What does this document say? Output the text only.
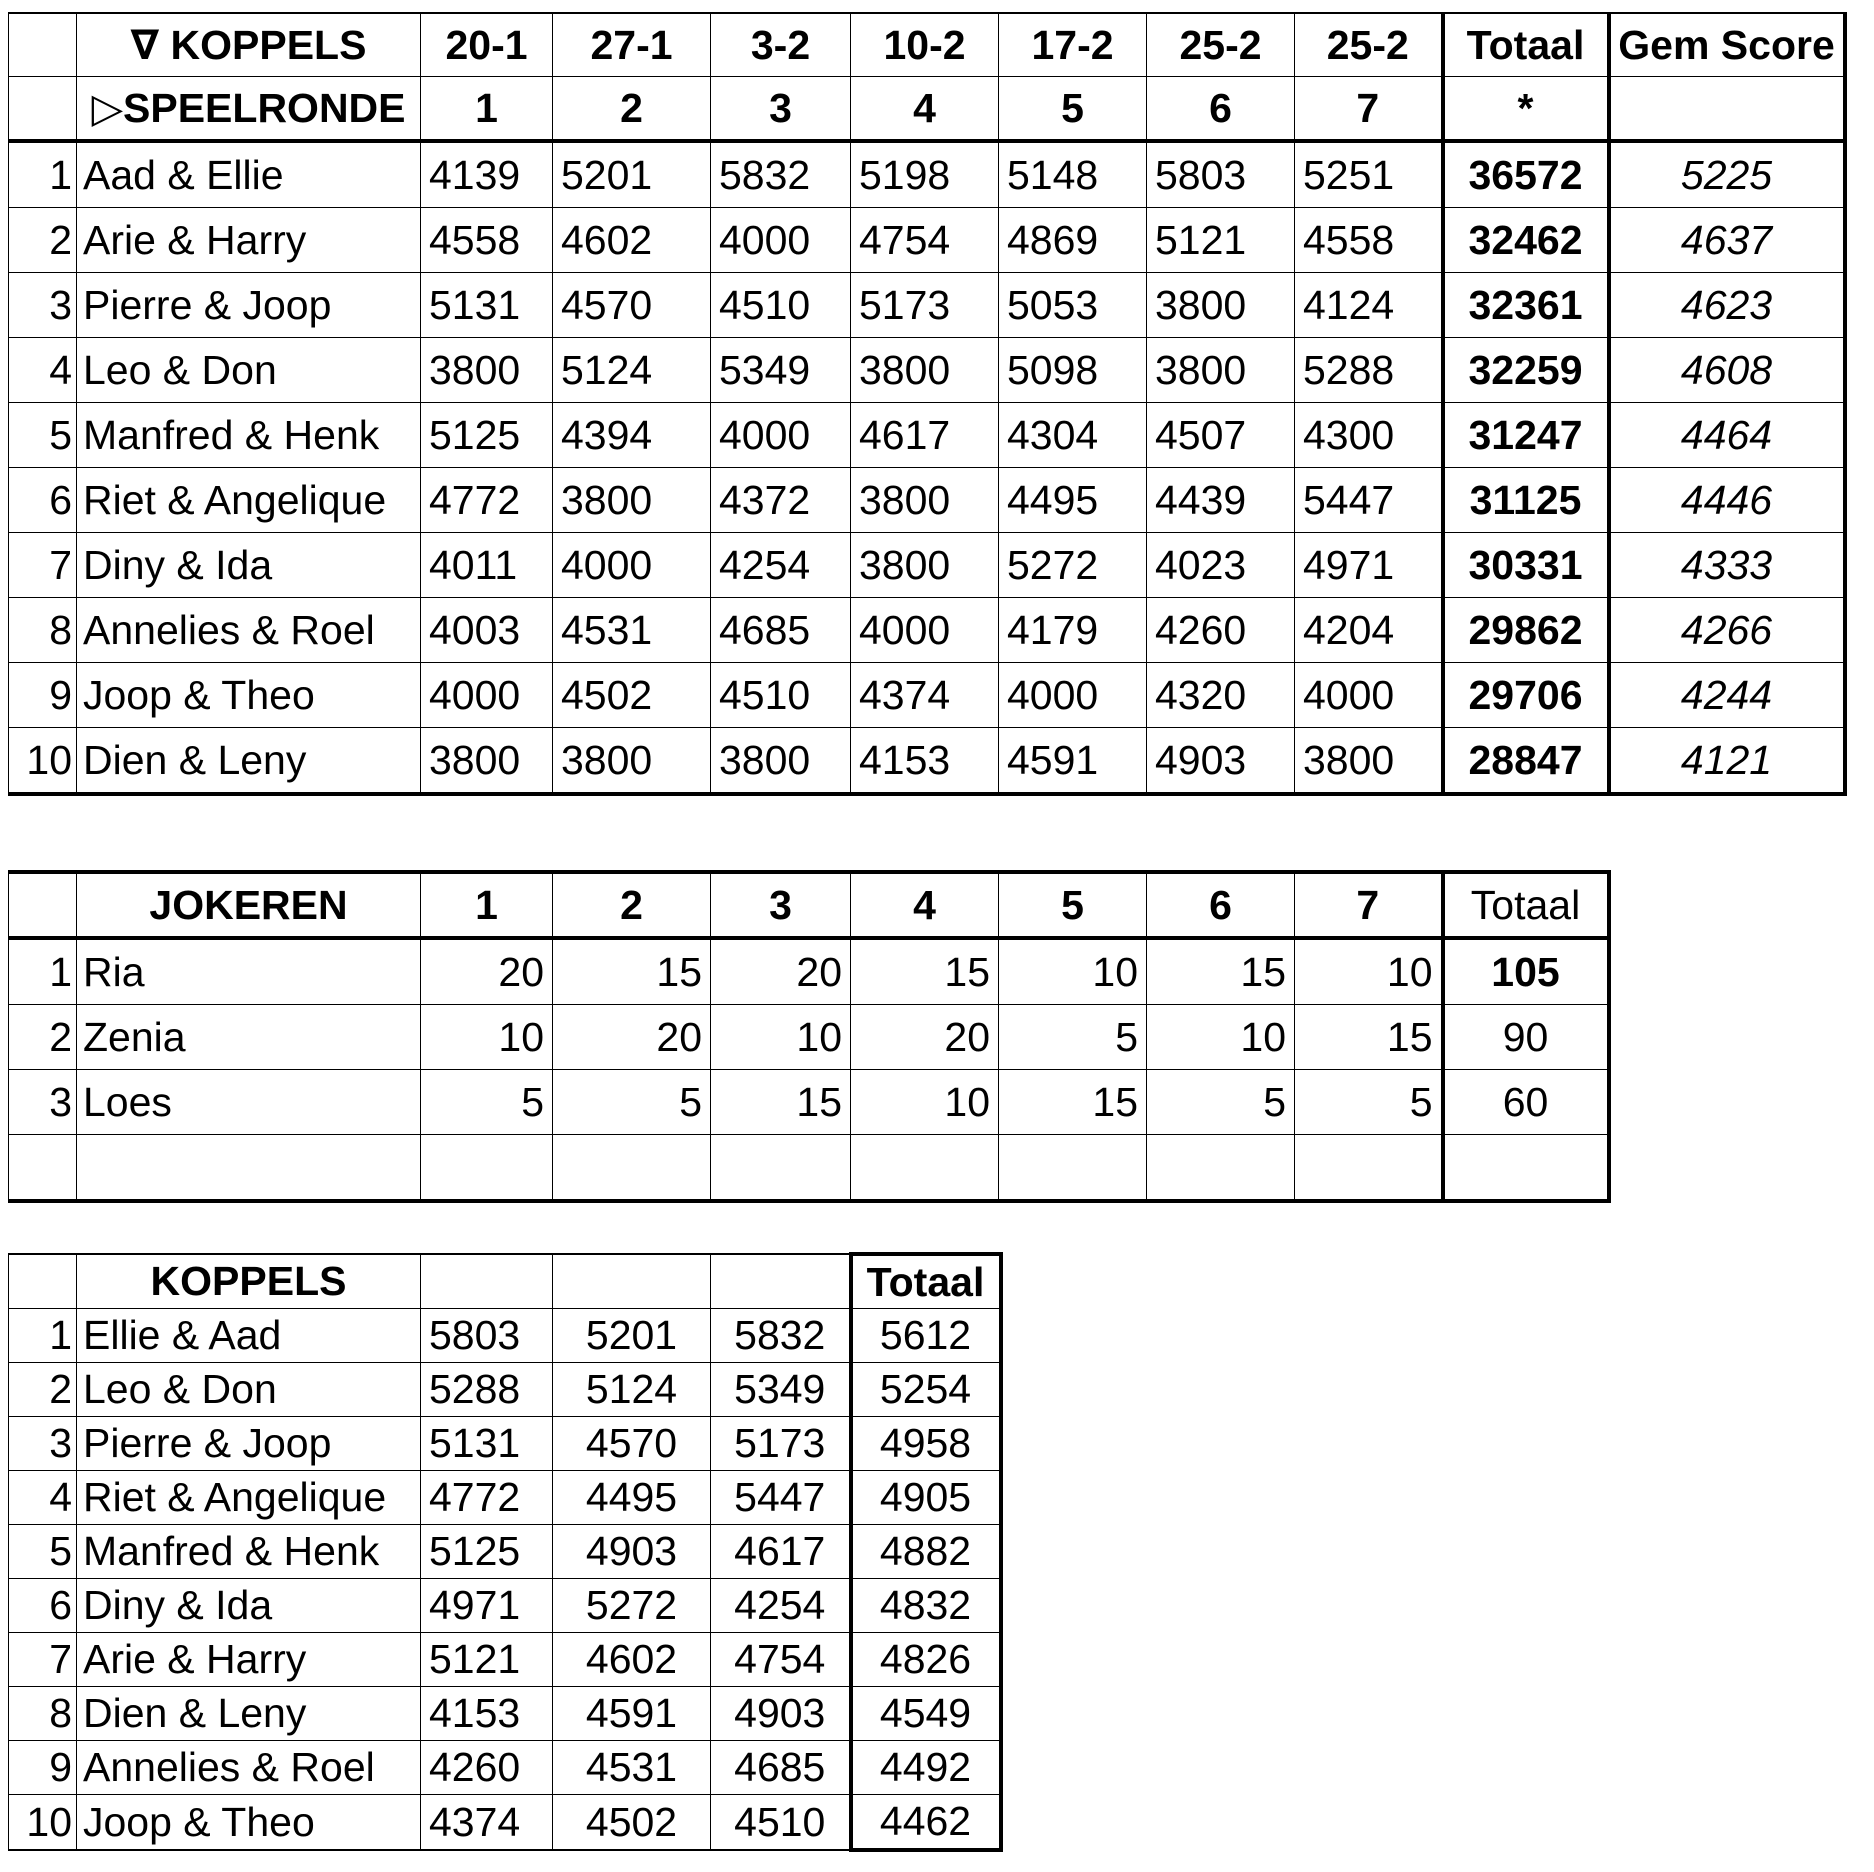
	∇ KOPPELS	20-1	27-1	3-2	10-2	17-2	25-2	25-2	Totaal	Gem Score
	▷SPEELRONDE	1	2	3	4	5	6	7	*	
1	Aad & Ellie	4139	5201	5832	5198	5148	5803	5251	36572	5225
2	Arie & Harry	4558	4602	4000	4754	4869	5121	4558	32462	4637
3	Pierre & Joop	5131	4570	4510	5173	5053	3800	4124	32361	4623
4	Leo & Don	3800	5124	5349	3800	5098	3800	5288	32259	4608
5	Manfred & Henk	5125	4394	4000	4617	4304	4507	4300	31247	4464
6	Riet & Angelique	4772	3800	4372	3800	4495	4439	5447	31125	4446
7	Diny & Ida	4011	4000	4254	3800	5272	4023	4971	30331	4333
8	Annelies & Roel	4003	4531	4685	4000	4179	4260	4204	29862	4266
9	Joop & Theo	4000	4502	4510	4374	4000	4320	4000	29706	4244
10	Dien & Leny	3800	3800	3800	4153	4591	4903	3800	28847	4121
	JOKEREN	1	2	3	4	5	6	7	Totaal
1	Ria	20	15	20	15	10	15	10	105
2	Zenia	10	20	10	20	5	10	15	90
3	Loes	5	5	15	10	15	5	5	60

	KOPPELS				Totaal
1	Ellie & Aad	5803	5201	5832	5612
2	Leo & Don	5288	5124	5349	5254
3	Pierre & Joop	5131	4570	5173	4958
4	Riet & Angelique	4772	4495	5447	4905
5	Manfred & Henk	5125	4903	4617	4882
6	Diny & Ida	4971	5272	4254	4832
7	Arie & Harry	5121	4602	4754	4826
8	Dien & Leny	4153	4591	4903	4549
9	Annelies & Roel	4260	4531	4685	4492
10	Joop & Theo	4374	4502	4510	4462
